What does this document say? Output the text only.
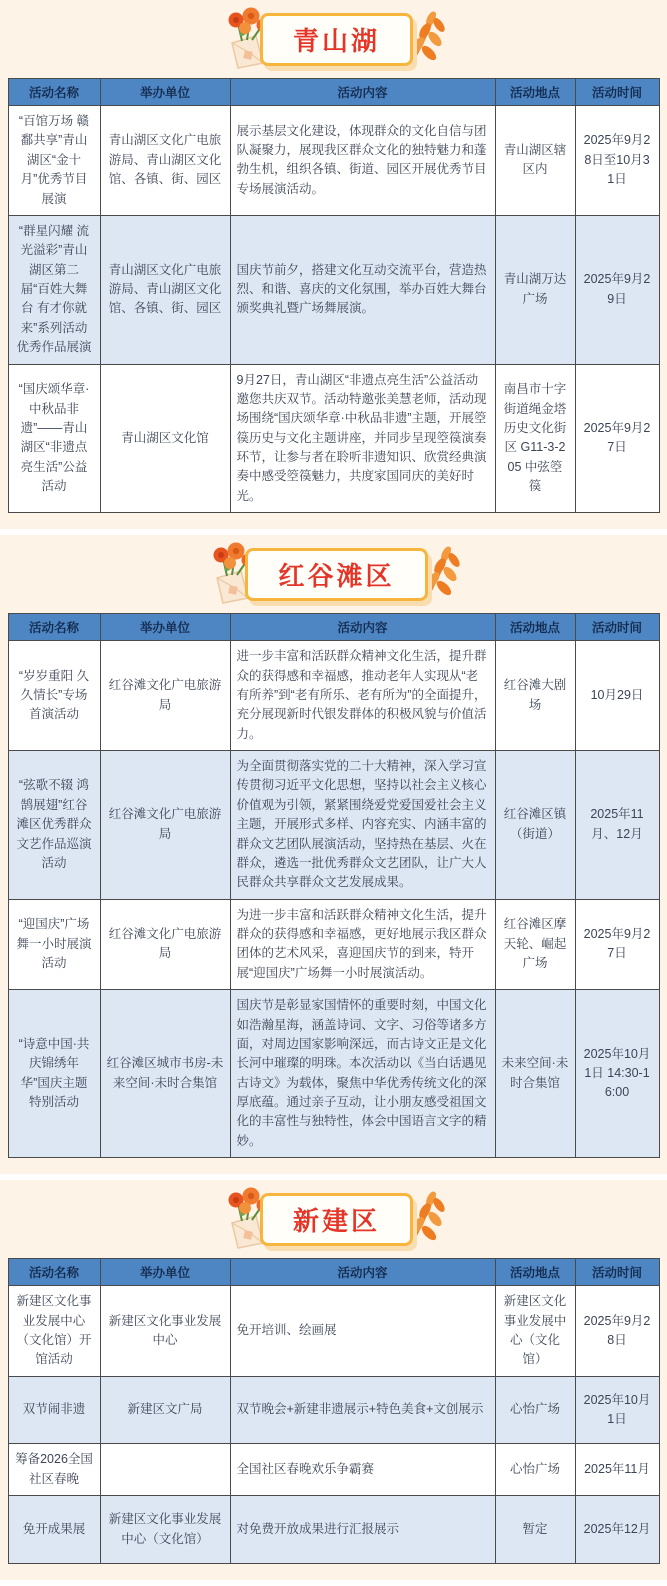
青山湖
活动名称	举办单位	活动内容	活动地点	活动时间
“百馆万场 赣鄱共享”青山湖区“金十月”优秀节目展演	青山湖区文化广电旅游局、青山湖区文化馆、各镇、街、园区	展示基层文化建设，体现群众的文化自信与团队凝聚力，展现我区群众文化的独特魅力和蓬勃生机，组织各镇、街道、园区开展优秀节目专场展演活动。	青山湖区辖区内	2025年9月28日至10月31日
“群星闪耀 流光溢彩”青山湖区第二届“百姓大舞台 有才你就来”系列活动优秀作品展演	青山湖区文化广电旅游局、青山湖区文化馆、各镇、街、园区	国庆节前夕，搭建文化互动交流平台，营造热烈、和谐、喜庆的文化氛围，举办百姓大舞台颁奖典礼暨广场舞展演。	青山湖万达广场	2025年9月29日
“国庆颂华章·中秋品非遗”——青山湖区“非遗点亮生活”公益活动	青山湖区文化馆	9月27日，青山湖区“非遗点亮生活”公益活动邀您共庆双节。活动特邀张美慧老师，活动现场围绕“国庆颂华章·中秋品非遗”主题，开展箜篌历史与文化主题讲座，并同步呈现箜篌演奏环节，让参与者在聆听非遗知识、欣赏经典演奏中感受箜篌魅力，共度家国同庆的美好时光。	南昌市十字街道绳金塔历史文化街区 G11-3-205 中弦箜篌	2025年9月27日
红谷滩区
活动名称	举办单位	活动内容	活动地点	活动时间
“岁岁重阳 久久情长”专场首演活动	红谷滩文化广电旅游局	进一步丰富和活跃群众精神文化生活，提升群众的获得感和幸福感，推动老年人实现从“老有所养”到“老有所乐、老有所为”的全面提升，充分展现新时代银发群体的积极风貌与价值活力。	红谷滩大剧场	10月29日
“弦歌不辍 鸿鹄展翅”红谷滩区优秀群众文艺作品巡演活动	红谷滩文化广电旅游局	为全面贯彻落实党的二十大精神，深入学习宣传贯彻习近平文化思想，坚持以社会主义核心价值观为引领，紧紧围绕爱党爱国爱社会主义主题，开展形式多样、内容充实、内涵丰富的群众文艺团队展演活动，坚持热在基层、火在群众，遴选一批优秀群众文艺团队，让广大人民群众共享群众文艺发展成果。	红谷滩区镇（街道）	2025年11月、12月
“迎国庆”广场舞一小时展演活动	红谷滩文化广电旅游局	为进一步丰富和活跃群众精神文化生活，提升群众的获得感和幸福感，更好地展示我区群众团体的艺术风采，喜迎国庆节的到来，特开展“迎国庆”广场舞一小时展演活动。	红谷滩区摩天轮、崛起广场	2025年9月27日
“诗意中国·共庆锦绣年华”国庆主题特别活动	红谷滩区城市书房-未来空间·未时合集馆	国庆节是彰显家国情怀的重要时刻，中国文化如浩瀚星海，涵盖诗词、文字、习俗等诸多方面，对周边国家影响深远，而古诗文正是文化长河中璀璨的明珠。本次活动以《当白话遇见古诗文》为载体，聚焦中华优秀传统文化的深厚底蕴。通过亲子互动，让小朋友感受祖国文化的丰富性与独特性，体会中国语言文字的精妙。	未来空间·未时合集馆	2025年10月1日 14:30-16:00
新建区
活动名称	举办单位	活动内容	活动地点	活动时间
新建区文化事业发展中心（文化馆）开馆活动	新建区文化事业发展中心	免开培训、绘画展	新建区文化事业发展中心（文化馆）	2025年9月28日
双节闹非遗	新建区文广局	双节晚会+新建非遗展示+特色美食+文创展示	心怡广场	2025年10月1日
筹备2026全国社区春晚		全国社区春晚欢乐争霸赛	心怡广场	2025年11月
免开成果展	新建区文化事业发展中心（文化馆）	对免费开放成果进行汇报展示	暂定	2025年12月
